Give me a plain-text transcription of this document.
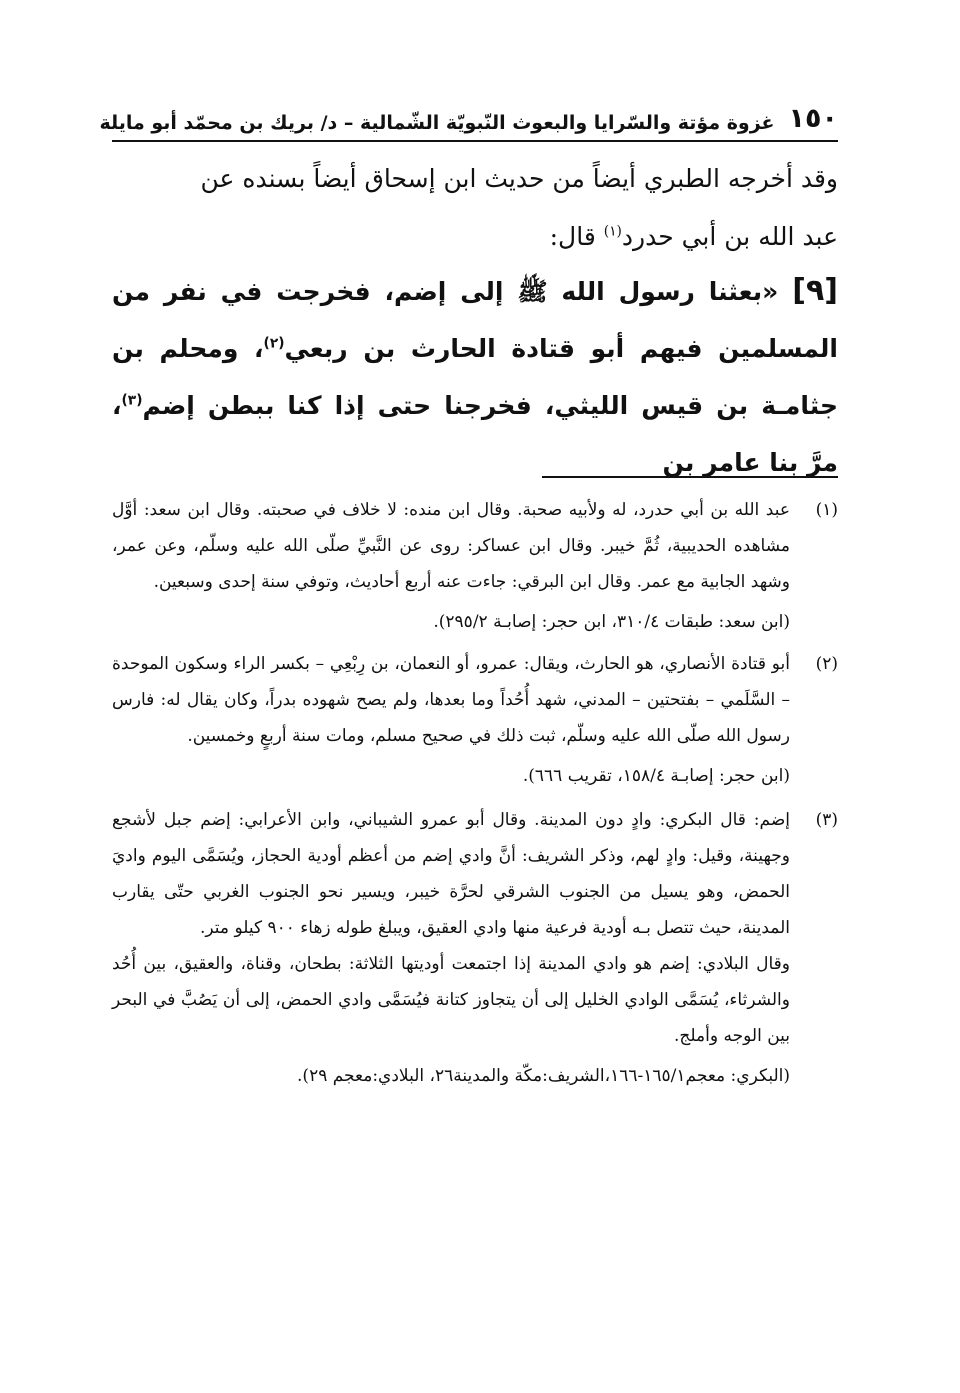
١٥٠
غزوة مؤتة والسّرايا والبعوث النّبويّة الشّمالية – د/ بريك بن محمّد أبو مايلة

وقد أخرجه الطبري أيضاً من حديث ابن إسحاق أيضاً بسنده عن

عبد الله بن أبي حدرد$^{(١)}$ قال:

[٩]«بعثنا رسول الله ﷺ إلى إضم، فخرجت في نفر من المسلمين فيهم أبو قتادة الحارث بن ربعي$^{(٢)}$، ومحلم بن جثامـة بن قيس الليثي، فخرجنا حتى إذا كنا ببطن إضم$^{(٣)}$، مرَّ بنا عامر بن

(١)

عبد الله بن أبي حدرد، له ولأبيه صحبة. وقال ابن منده: لا خلاف في صحبته. وقال ابن سعد: أوَّل مشاهده الحديبية، ثُمَّ خيبر. وقال ابن عساكر: روى عن النَّبيِّ صلّى الله عليه وسلّم، وعن عمر، وشهد الجابية مع عمر. وقال ابن البرقي: جاءت عنه أربع أحاديث، وتوفي سنة إحدى وسبعين.

(ابن سعد: طبقات ٣١٠/٤، ابن حجر: إصابـة ٢٩٥/٢).

(٢)

أبو قتادة الأنصاري، هو الحارث، ويقال: عمرو، أو النعمان، بن رِبْعِي – بكسر الراء وسكون الموحدة – السَّلَمي – بفتحتين – المدني، شهد أُحُداً وما بعدها، ولم يصح شهوده بدراً، وكان يقال له: فارس رسول الله صلّى الله عليه وسلّم، ثبت ذلك في صحيح مسلم، ومات سنة أربعٍ وخمسين.

(ابن حجر: إصابـة ١٥٨/٤، تقريب ٦٦٦).

(٣)

إضم: قال البكري: وادٍ دون المدينة. وقال أبو عمرو الشيباني، وابن الأعرابي: إضم جبل لأشجع وجهينة، وقيل: وادٍ لهم، وذكر الشريف: أنَّ وادي إضم من أعظم أودية الحجاز، ويُسَمَّى اليوم واديَ الحمض، وهو يسيل من الجنوب الشرقي لحرَّة خيبر، ويسير نحو الجنوب الغربي حتّى يقارب المدينة، حيث تتصل بـه أودية فرعية منها وادي العقيق، ويبلغ طوله زهاء ٩٠٠ كيلو متر.

وقال البلادي: إضم هو وادي المدينة إذا اجتمعت أوديتها الثلاثة: بطحان، وقناة، والعقيق، بين أُحُد والشرثاء، يُسَمَّى الوادي الخليل إلى أن يتجاوز كتانة فيُسَمَّى وادي الحمض، إلى أن يَصُبَّ في البحر بين الوجه وأملج.

(البكري: معجم١٦٥/١-١٦٦،الشريف:مكّة والمدينة٢٦، البلادي:معجم ٢٩).
